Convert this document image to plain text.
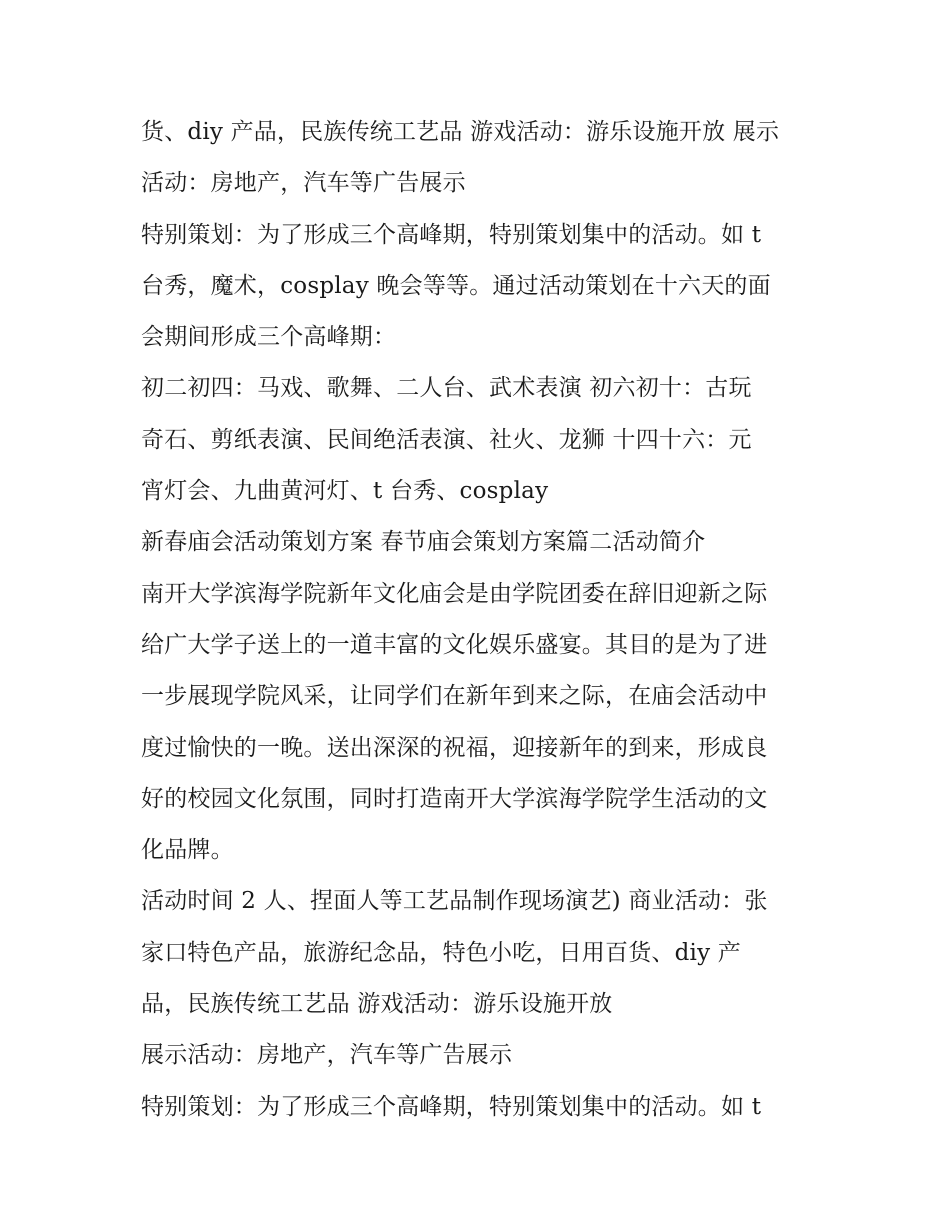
货、diy 产品，民族传统工艺品 游戏活动：游乐设施开放 展示
活动：房地产，汽车等广告展示
特别策划：为了形成三个高峰期，特别策划集中的活动。如 t
台秀，魔术，cosplay 晚会等等。通过活动策划在十六天的面
会期间形成三个高峰期：
初二初四：马戏、歌舞、二人台、武术表演 初六初十：古玩
奇石、剪纸表演、民间绝活表演、社火、龙狮 十四十六：元
宵灯会、九曲黄河灯、t 台秀、cosplay
新春庙会活动策划方案 春节庙会策划方案篇二活动简介
南开大学滨海学院新年文化庙会是由学院团委在辞旧迎新之际
给广大学子送上的一道丰富的文化娱乐盛宴。其目的是为了进
一步展现学院风采，让同学们在新年到来之际，在庙会活动中
度过愉快的一晚。送出深深的祝福，迎接新年的到来，形成良
好的校园文化氛围，同时打造南开大学滨海学院学生活动的文
化品牌。
活动时间 2 人、捏面人等工艺品制作现场演艺) 商业活动：张
家口特色产品，旅游纪念品，特色小吃，日用百货、diy 产
品，民族传统工艺品 游戏活动：游乐设施开放
展示活动：房地产，汽车等广告展示
特别策划：为了形成三个高峰期，特别策划集中的活动。如 t
